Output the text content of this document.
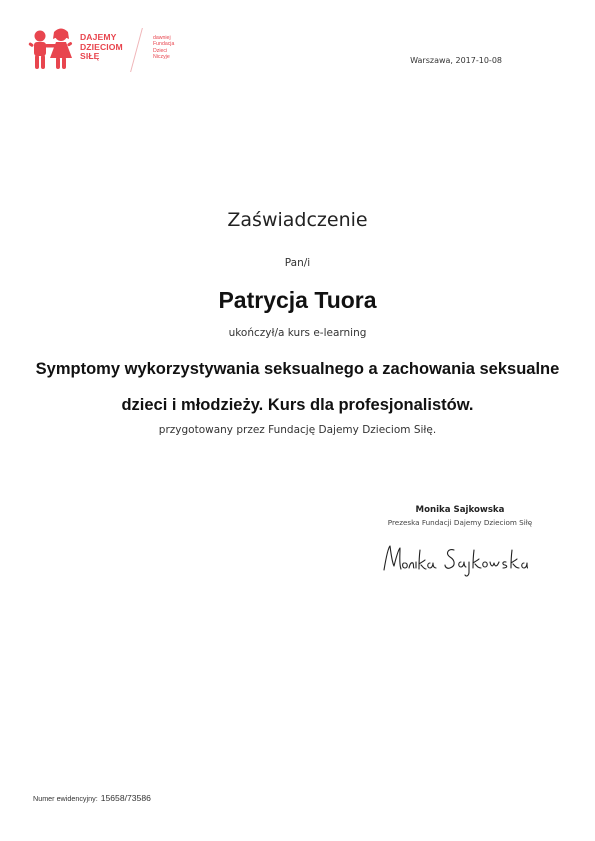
DAJEMY
DZIECIOM
SIŁĘ
dawniej
Fundacja
Dzieci
Niczyje	Warszawa, 2017-10-08
Zaświadczenie
Pan/i
Patrycja Tuora
ukończył/a kurs e-learning
Symptomy wykorzystywania seksualnego a zachowania seksualne
dzieci i młodzieży. Kurs dla profesjonalistów.
przygotowany przez Fundację Dajemy Dzieciom Siłę.
Monika Sajkowska
Prezeska Fundacji Dajemy Dzieciom Siłę
Numer ewidencyjny: 15658/73586
